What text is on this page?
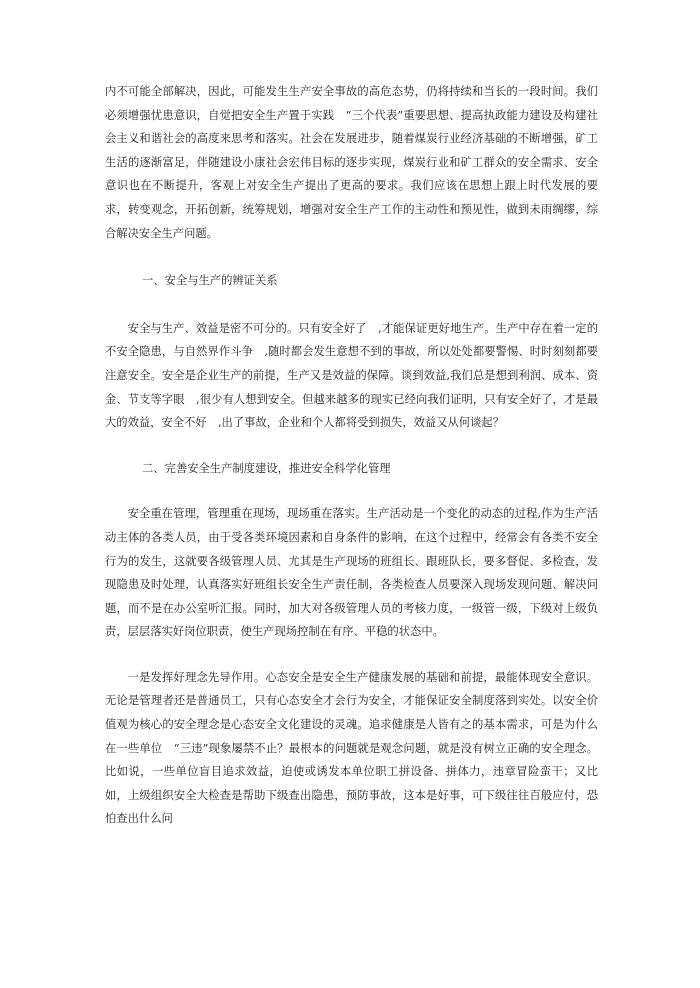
内不可能全部解决，因此，可能发生生产安全事故的高危态势，仍将持续和当长的一段时间。我们必须增强忧患意识，自觉把安全生产置于实践　“三个代表”重要思想、提高执政能力建设及构建社会主义和谐社会的高度来思考和落实。社会在发展进步，随着煤炭行业经济基础的不断增强，矿工生活的逐渐富足，伴随建设小康社会宏伟目标的逐步实现，煤炭行业和矿工群众的安全需求、安全意识也在不断提升，客观上对安全生产提出了更高的要求。我们应该在思想上跟上时代发展的要求，转变观念，开拓创新，统筹规划，增强对安全生产工作的主动性和预见性，做到未雨绸缪，综合解决安全生产问题。

一、安全与生产的辨证关系

安全与生产、效益是密不可分的。只有安全好了　,才能保证更好地生产。生产中存在着一定的不安全隐患，与自然界作斗争　,随时都会发生意想不到的事故，所以处处都要警惕、时时刻刻都要注意安全。安全是企业生产的前提，生产又是效益的保障。谈到效益,我们总是想到利润、成本、资金、节支等字眼　,很少有人想到安全。但越来越多的现实已经向我们证明，只有安全好了，才是最大的效益，安全不好　,出了事故，企业和个人都将受到损失，效益又从何谈起？

二、完善安全生产制度建设，推进安全科学化管理

安全重在管理，管理重在现场，现场重在落实。生产活动是一个变化的动态的过程,作为生产活动主体的各类人员，由于受各类环境因素和自身条件的影响，在这个过程中，经常会有各类不安全行为的发生，这就要各级管理人员、尤其是生产现场的班组长、跟班队长，要多督促、多检查，发现隐患及时处理，认真落实好班组长安全生产责任制，各类检查人员要深入现场发现问题、解决问题，而不是在办公室听汇报。同时，加大对各级管理人员的考核力度，一级管一级，下级对上级负责，层层落实好岗位职责，使生产现场控制在有序、平稳的状态中。

一是发挥好理念先导作用。心态安全是安全生产健康发展的基础和前提，最能体现安全意识。无论是管理者还是普通员工，只有心态安全才会行为安全，才能保证安全制度落到实处。以安全价值观为核心的安全理念是心态安全文化建设的灵魂。追求健康是人皆有之的基本需求，可是为什么在一些单位　“三违”现象屡禁不止？最根本的问题就是观念问题，就是没有树立正确的安全理念。比如说，一些单位盲目追求效益，迫使或诱发本单位职工拼设备、拼体力，违章冒险蛮干；又比如，上级组织安全大检查是帮助下级查出隐患，预防事故，这本是好事，可下级往往百般应付，恐怕查出什么问
